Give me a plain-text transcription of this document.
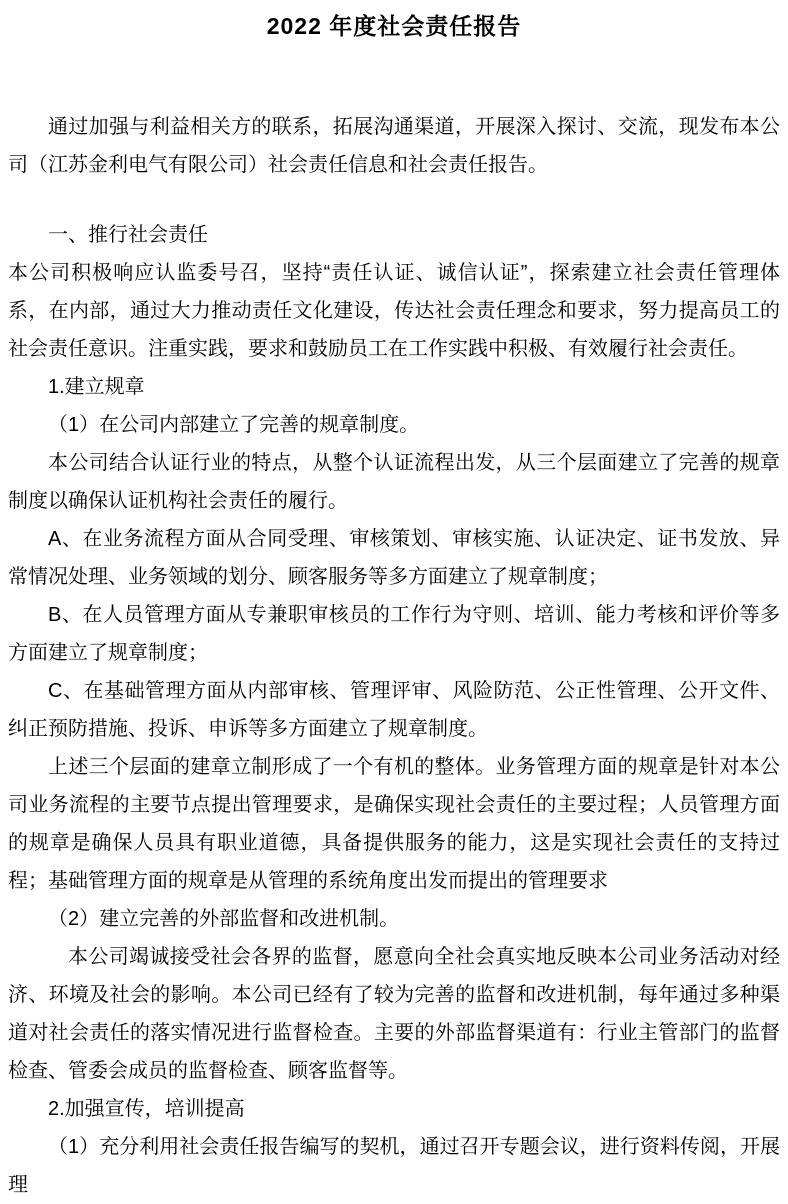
2022 年度社会责任报告

通过加强与利益相关方的联系，拓展沟通渠道，开展深入探讨、交流，现发布本公司（江苏金利电气有限公司）社会责任信息和社会责任报告。

一、推行社会责任

本公司积极响应认监委号召，坚持“责任认证、诚信认证”，探索建立社会责任管理体系，在内部，通过大力推动责任文化建设，传达社会责任理念和要求，努力提高员工的社会责任意识。注重实践，要求和鼓励员工在工作实践中积极、有效履行社会责任。

1.建立规章

（1）在公司内部建立了完善的规章制度。

本公司结合认证行业的特点，从整个认证流程出发，从三个层面建立了完善的规章制度以确保认证机构社会责任的履行。

A、在业务流程方面从合同受理、审核策划、审核实施、认证决定、证书发放、异常情况处理、业务领域的划分、顾客服务等多方面建立了规章制度；

B、在人员管理方面从专兼职审核员的工作行为守则、培训、能力考核和评价等多方面建立了规章制度；

C、在基础管理方面从内部审核、管理评审、风险防范、公正性管理、公开文件、纠正预防措施、投诉、申诉等多方面建立了规章制度。

上述三个层面的建章立制形成了一个有机的整体。业务管理方面的规章是针对本公司业务流程的主要节点提出管理要求，是确保实现社会责任的主要过程；人员管理方面的规章是确保人员具有职业道德，具备提供服务的能力，这是实现社会责任的支持过程；基础管理方面的规章是从管理的系统角度出发而提出的管理要求

（2）建立完善的外部监督和改进机制。

本公司竭诚接受社会各界的监督，愿意向全社会真实地反映本公司业务活动对经济、环境及社会的影响。本公司已经有了较为完善的监督和改进机制，每年通过多种渠道对社会责任的落实情况进行监督检查。主要的外部监督渠道有：行业主管部门的监督检查、管委会成员的监督检查、顾客监督等。

2.加强宣传，培训提高

（1）充分利用社会责任报告编写的契机，通过召开专题会议，进行资料传阅，开展理
